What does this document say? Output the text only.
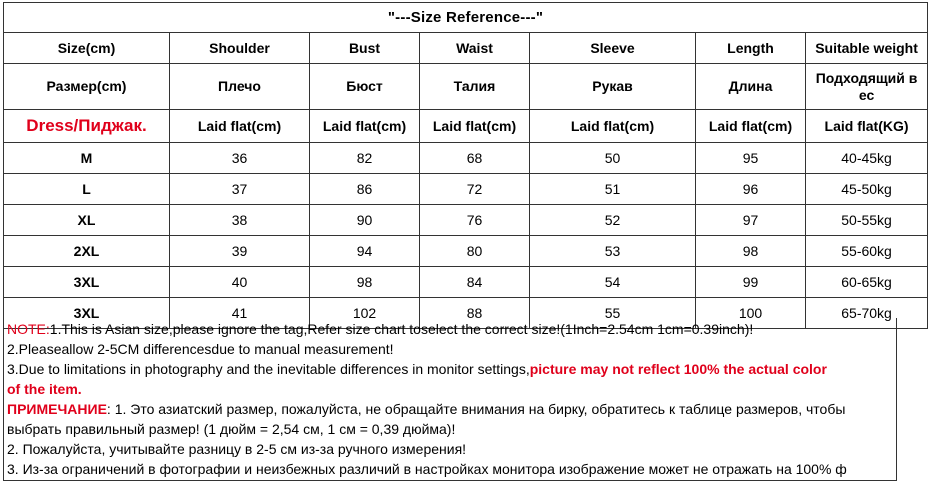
"---Size Reference---"						
Size(cm)	Shoulder	Bust	Waist	Sleeve	Length	Suitable weight
Размер(cm)	Плечо	Бюст	Талия	Рукав	Длина	Подходящий в ес
Dress/Пиджак.	Laid flat(cm)	Laid flat(cm)	Laid flat(cm)	Laid flat(cm)	Laid flat(cm)	Laid flat(KG)
M	36	82	68	50	95	40-45kg
L	37	86	72	51	96	45-50kg
XL	38	90	76	52	97	50-55kg
2XL	39	94	80	53	98	55-60kg
3XL	40	98	84	54	99	60-65kg
3XL	41	102	88	55	100	65-70kg
NOTE:1.This is Asian size,please ignore the tag,Refer size chart toselect the correct size!(1Inch=2.54cm 1cm=0.39inch)!
2.Pleaseallow 2-5CM differencesdue to manual measurement!
3.Due to limitations in photography and the inevitable differences in monitor settings,picture may not reflect 100% the actual color
of the item.
ПРИМЕЧАНИЕ: 1. Это азиатский размер, пожалуйста, не обращайте внимания на бирку, обратитесь к таблице размеров, чтобы
выбрать правильный размер! (1 дюйм = 2,54 см, 1 см = 0,39 дюйма)!
2. Пожалуйста, учитывайте разницу в 2-5 см из-за ручного измерения!
3. Из-за ограничений в фотографии и неизбежных различий в настройках монитора изображение может не отражать на 100% ф
